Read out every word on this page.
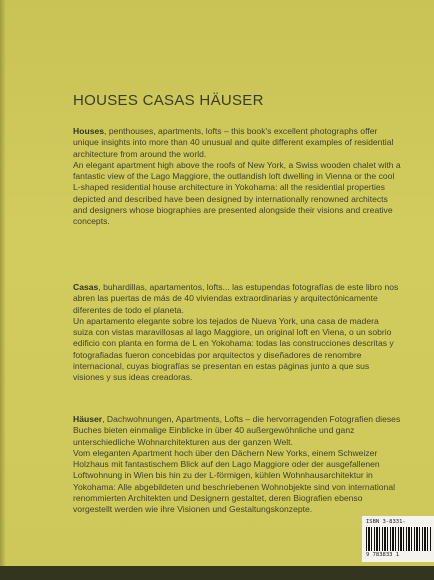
HOUSES CASAS HÄUSER

Houses, penthouses, apartments, lofts – this book's excellent photographs offer unique insights into more than 40 unusual and quite different examples of residential architecture from around the world.

An elegant apartment high above the roofs of New York, a Swiss wooden chalet with a fantastic view of the Lago Maggiore, the outlandish loft dwelling in Vienna or the cool L-shaped residential house architecture in Yokohama: all the residential properties depicted and described have been designed by internationally renowned architects and designers whose biographies are presented alongside their visions and creative concepts.

Casas, buhardillas, apartamentos, lofts... las estupendas fotografías de este libro nos abren las puertas de más de 40 viviendas extraordinarias y arquitectónicamente diferentes de todo el planeta.

Un apartamento elegante sobre los tejados de Nueva York, una casa de madera suiza con vistas maravillosas al lago Maggiore, un original loft en Viena, o un sobrio edificio con planta en forma de L en Yokohama: todas las construcciones descritas y fotografiadas fueron concebidas por arquitectos y diseñadores de renombre internacional, cuyas biografías se presentan en estas páginas junto a que sus visiones y sus ideas creadoras.

Häuser, Dachwohnungen, Apartments, Lofts – die hervorragenden Fotografien dieses Buches bieten einmalige Einblicke in über 40 außergewöhnliche und ganz unterschiedliche Wohnarchitekturen aus der ganzen Welt.

Vom eleganten Apartment hoch über den Dächern New Yorks, einem Schweizer Holzhaus mit fantastischem Blick auf den Lago Maggiore oder der ausgefallenen Loftwohnung in Wien bis hin zu der L-förmigen, kühlen Wohnhausarchitektur in Yokohama: Alle abgebildeten und beschriebenen Wohnobjekte sind von international renommierten Architekten und Designern gestaltet, deren Biografien ebenso vorgestellt werden wie ihre Visionen und Gestaltungskonzepte.

ISBN 3-8331-
9 783833 1
